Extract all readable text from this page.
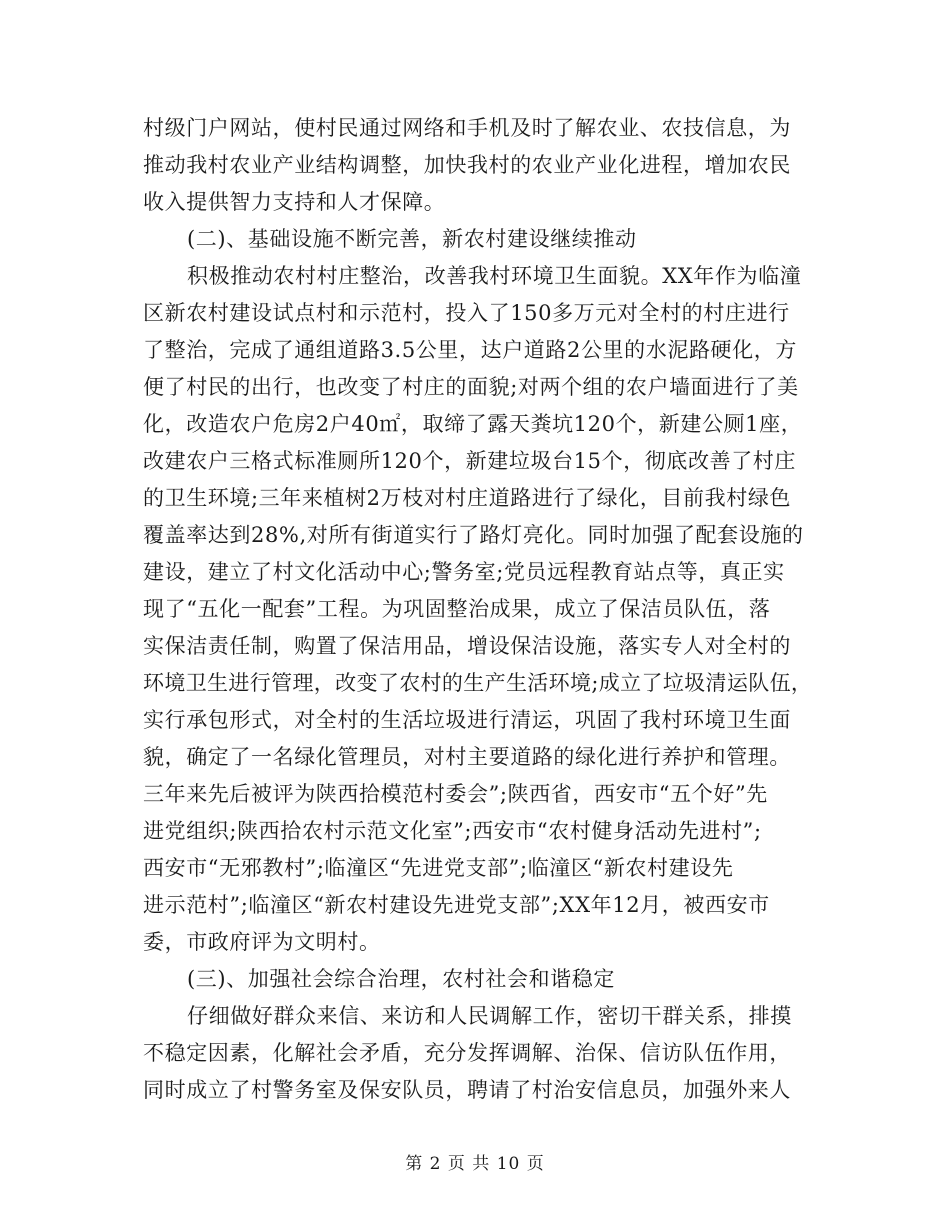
村级门户网站，使村民通过网络和手机及时了解农业、农技信息，为
推动我村农业产业结构调整，加快我村的农业产业化进程，增加农民
收入提供智力支持和人才保障。
(二)、基础设施不断完善，新农村建设继续推动
积极推动农村村庄整治，改善我村环境卫生面貌。XX年作为临潼
区新农村建设试点村和示范村，投入了150多万元对全村的村庄进行
了整治，完成了通组道路3.5公里，达户道路2公里的水泥路硬化，方
便了村民的出行，也改变了村庄的面貌;对两个组的农户墙面进行了美
化，改造农户危房2户40㎡，取缔了露天粪坑120个，新建公厕1座，
改建农户三格式标准厕所120个，新建垃圾台15个，彻底改善了村庄
的卫生环境;三年来植树2万枝对村庄道路进行了绿化，目前我村绿色
覆盖率达到28%,对所有街道实行了路灯亮化。同时加强了配套设施的
建设，建立了村文化活动中心;警务室;党员远程教育站点等，真正实
现了“五化一配套”工程。为巩固整治成果，成立了保洁员队伍，落
实保洁责任制，购置了保洁用品，增设保洁设施，落实专人对全村的
环境卫生进行管理，改变了农村的生产生活环境;成立了垃圾清运队伍，
实行承包形式，对全村的生活垃圾进行清运，巩固了我村环境卫生面
貌，确定了一名绿化管理员，对村主要道路的绿化进行养护和管理。
三年来先后被评为陕西拾模范村委会”;陕西省，西安市“五个好”先
进党组织;陕西拾农村示范文化室”;西安市“农村健身活动先进村”;
西安市“无邪教村”;临潼区“先进党支部”;临潼区“新农村建设先
进示范村”;临潼区“新农村建设先进党支部”;XX年12月，被西安市
委，市政府评为文明村。
(三)、加强社会综合治理，农村社会和谐稳定
仔细做好群众来信、来访和人民调解工作，密切干群关系，排摸
不稳定因素，化解社会矛盾，充分发挥调解、治保、信访队伍作用，
同时成立了村警务室及保安队员，聘请了村治安信息员，加强外来人
第 2 页 共 10 页
